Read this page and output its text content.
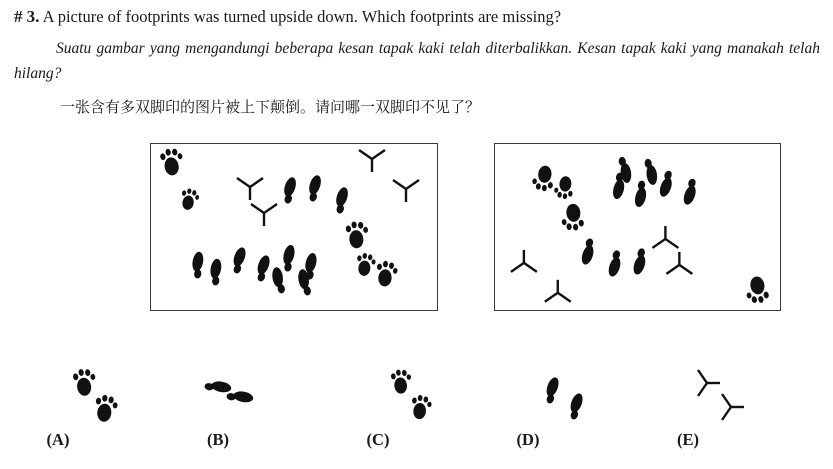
# 3. A picture of footprints was turned upside down. Which footprints are missing?
Suatu gambar yang mengandungi beberapa kesan tapak kaki telah diterbalikkan. Kesan tapak kaki yang manakah telah hilang?
一张含有多双脚印的图片被上下颠倒。请问哪一双脚印不见了？
(A)	(B)	(C)	(D)	(E)
